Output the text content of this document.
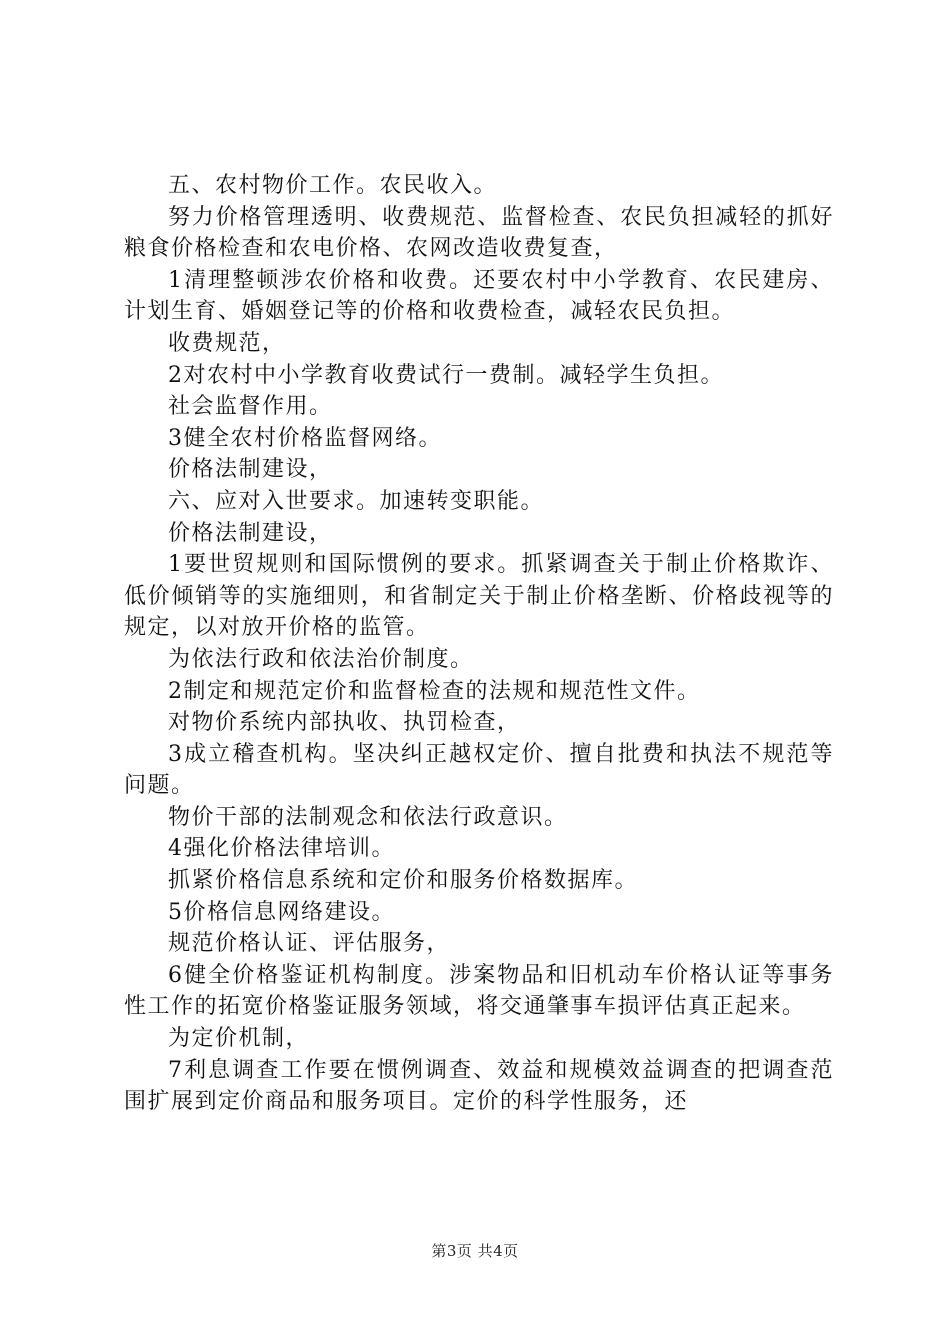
五、农村物价工作。农民收入。

努力价格管理透明、收费规范、监督检查、农民负担减轻的抓好粮食价格检查和农电价格、农网改造收费复查，

1清理整顿涉农价格和收费。还要农村中小学教育、农民建房、计划生育、婚姻登记等的价格和收费检查，减轻农民负担。

收费规范，

2对农村中小学教育收费试行一费制。减轻学生负担。

社会监督作用。

3健全农村价格监督网络。

价格法制建设，

六、应对入世要求。加速转变职能。

价格法制建设，

1要世贸规则和国际惯例的要求。抓紧调查关于制止价格欺诈、低价倾销等的实施细则，和省制定关于制止价格垄断、价格歧视等的规定，以对放开价格的监管。

为依法行政和依法治价制度。

2制定和规范定价和监督检查的法规和规范性文件。

对物价系统内部执收、执罚检查，

3成立稽查机构。坚决纠正越权定价、擅自批费和执法不规范等问题。

物价干部的法制观念和依法行政意识。

4强化价格法律培训。

抓紧价格信息系统和定价和服务价格数据库。

5价格信息网络建设。

规范价格认证、评估服务，

6健全价格鉴证机构制度。涉案物品和旧机动车价格认证等事务性工作的拓宽价格鉴证服务领域，将交通肇事车损评估真正起来。

为定价机制，

7利息调查工作要在惯例调查、效益和规模效益调查的把调查范围扩展到定价商品和服务项目。定价的科学性服务，还

第3页 共4页
